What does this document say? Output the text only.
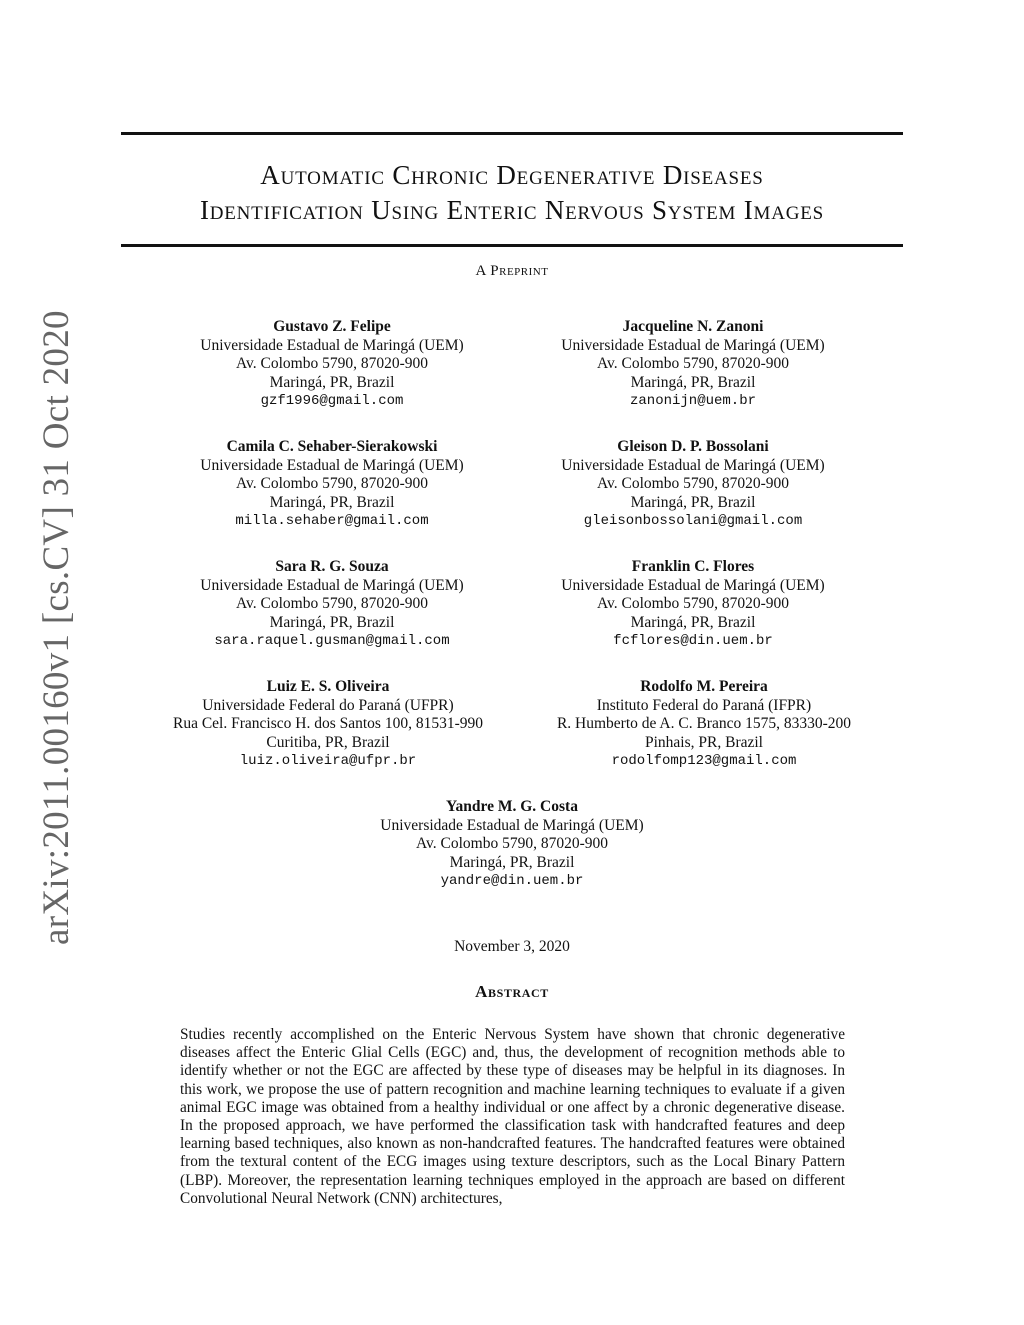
arXiv:2011.00160v1 [cs.CV] 31 Oct 2020
Automatic Chronic Degenerative Diseases
Identification Using Enteric Nervous System Images
A Preprint
Gustavo Z. Felipe
Universidade Estadual de Maringá (UEM)
Av. Colombo 5790, 87020-900
Maringá, PR, Brazil
gzf1996@gmail.com
Jacqueline N. Zanoni
Universidade Estadual de Maringá (UEM)
Av. Colombo 5790, 87020-900
Maringá, PR, Brazil
zanonijn@uem.br
Camila C. Sehaber-Sierakowski
Universidade Estadual de Maringá (UEM)
Av. Colombo 5790, 87020-900
Maringá, PR, Brazil
milla.sehaber@gmail.com
Gleison D. P. Bossolani
Universidade Estadual de Maringá (UEM)
Av. Colombo 5790, 87020-900
Maringá, PR, Brazil
gleisonbossolani@gmail.com
Sara R. G. Souza
Universidade Estadual de Maringá (UEM)
Av. Colombo 5790, 87020-900
Maringá, PR, Brazil
sara.raquel.gusman@gmail.com
Franklin C. Flores
Universidade Estadual de Maringá (UEM)
Av. Colombo 5790, 87020-900
Maringá, PR, Brazil
fcflores@din.uem.br
Luiz E. S. Oliveira
Universidade Federal do Paraná (UFPR)
Rua Cel. Francisco H. dos Santos 100, 81531-990
Curitiba, PR, Brazil
luiz.oliveira@ufpr.br
Rodolfo M. Pereira
Instituto Federal do Paraná (IFPR)
R. Humberto de A. C. Branco 1575, 83330-200
Pinhais, PR, Brazil
rodolfomp123@gmail.com
Yandre M. G. Costa
Universidade Estadual de Maringá (UEM)
Av. Colombo 5790, 87020-900
Maringá, PR, Brazil
yandre@din.uem.br
November 3, 2020
Abstract
Studies recently accomplished on the Enteric Nervous System have shown that chronic degenerative diseases affect the Enteric Glial Cells (EGC) and, thus, the development of recognition methods able to identify whether or not the EGC are affected by these type of diseases may be helpful in its diagnoses. In this work, we propose the use of pattern recognition and machine learning techniques to evaluate if a given animal EGC image was obtained from a healthy individual or one affect by a chronic degenerative disease. In the proposed approach, we have performed the classification task with handcrafted features and deep learning based techniques, also known as non-handcrafted features. The handcrafted features were obtained from the textural content of the ECG images using texture descriptors, such as the Local Binary Pattern (LBP). Moreover, the representation learning techniques employed in the approach are based on different Convolutional Neural Network (CNN) architectures,
